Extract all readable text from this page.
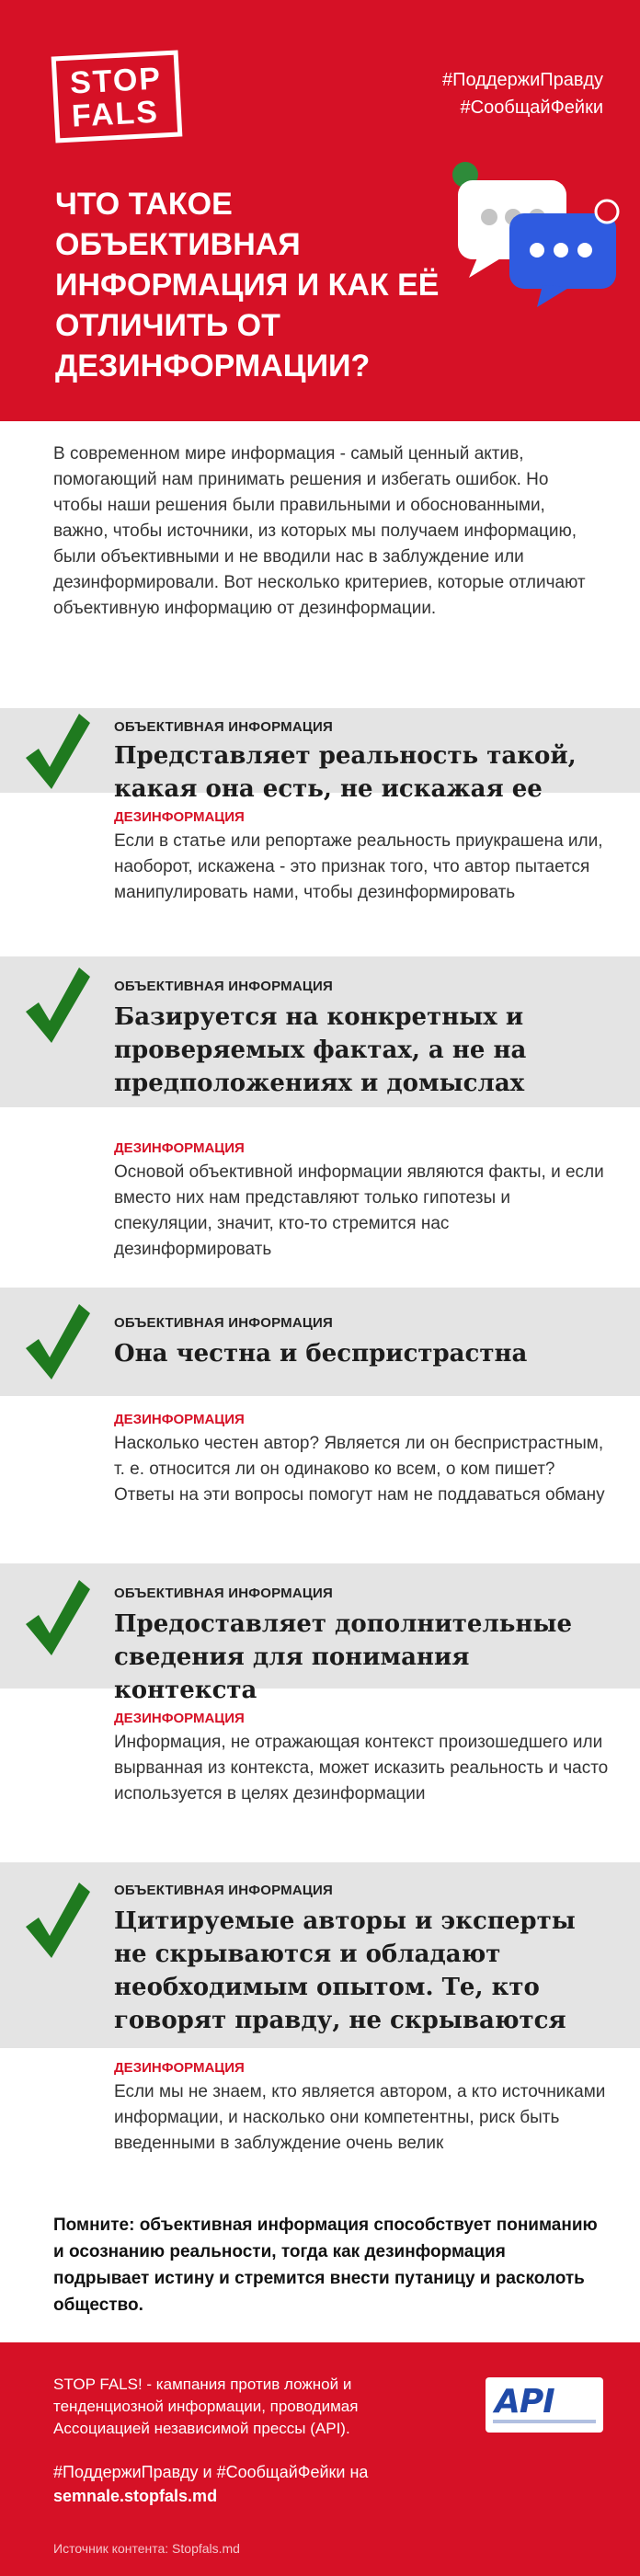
STOP
FALS
#ПоддержиПравду
#СообщайФейки
ЧТО ТАКОЕ ОБЪЕКТИВНАЯ ИНФОРМАЦИЯ И КАК ЕЁ ОТЛИЧИТЬ ОТ ДЕЗИНФОРМАЦИИ?
В современном мире информация - самый ценный актив, помогающий нам принимать решения и избегать ошибок. Но чтобы наши решения были правильными и обоснованными, важно, чтобы источники, из которых мы получаем информацию, были объективными и не вводили нас в заблуждение или дезинформировали. Вот несколько критериев, которые отличают объективную информацию от дезинформации.
ОБЪЕКТИВНАЯ ИНФОРМАЦИЯ
Представляет реальность такой, какая она есть, не искажая ее
ДЕЗИНФОРМАЦИЯ
Если в статье или репортаже реальность приукрашена или, наоборот, искажена - это признак того, что автор пытается манипулировать нами, чтобы дезинформировать
ОБЪЕКТИВНАЯ ИНФОРМАЦИЯ
Базируется на конкретных и проверяемых фактах, а не на предположениях и домыслах
ДЕЗИНФОРМАЦИЯ
Основой объективной информации являются факты, и если вместо них нам представляют только гипотезы и спекуляции, значит, кто-то стремится нас дезинформировать
ОБЪЕКТИВНАЯ ИНФОРМАЦИЯ
Она честна и беспристрастна
ДЕЗИНФОРМАЦИЯ
Насколько честен автор? Является ли он беспристрастным, т. е. относится ли он одинаково ко всем, о ком пишет? Ответы на эти вопросы помогут нам не поддаваться обману
ОБЪЕКТИВНАЯ ИНФОРМАЦИЯ
Предоставляет дополнительные сведения для понимания контекста
ДЕЗИНФОРМАЦИЯ
Информация, не отражающая контекст произошедшего или вырванная из контекста, может исказить реальность и часто используется в целях дезинформации
ОБЪЕКТИВНАЯ ИНФОРМАЦИЯ
Цитируемые авторы и эксперты не скрываются и обладают необходимым опытом. Те, кто говорят правду, не скрываются
ДЕЗИНФОРМАЦИЯ
Если мы не знаем, кто является автором, а кто источниками информации, и насколько они компетентны, риск быть введенными в заблуждение очень велик
Помните: объективная информация способствует пониманию и осознанию реальности, тогда как дезинформация подрывает истину и стремится внести путаницу и расколоть общество.
STOP FALS! - кампания против ложной и тенденциозной информации, проводимая Ассоциацией независимой прессы (API).
API
#ПоддержиПравду и #СообщайФейки на
semnale.stopfals.md
Источник контента: Stopfals.md
